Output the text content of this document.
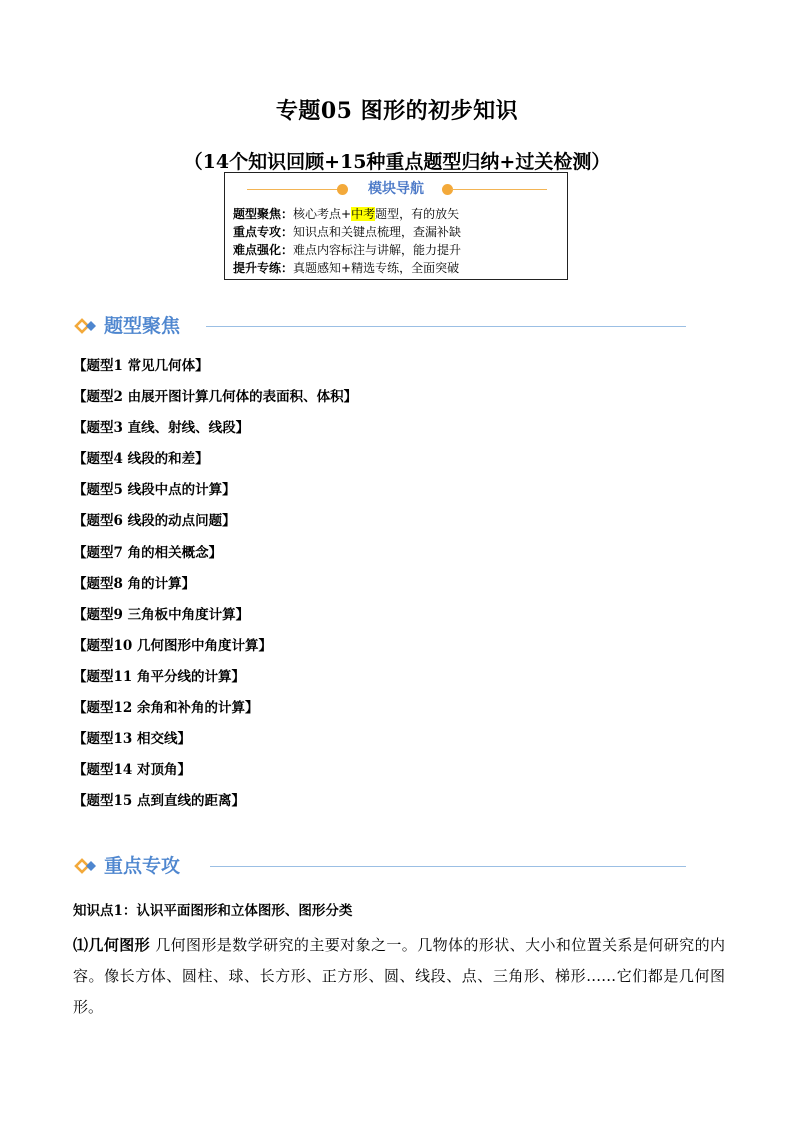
专题05 图形的初步知识
（14个知识回顾+15种重点题型归纳+过关检测）
模块导航
题型聚焦：核心考点+中考题型，有的放矢
重点专攻：知识点和关键点梳理，查漏补缺
难点强化：难点内容标注与讲解，能力提升
提升专练：真题感知+精选专练，全面突破
题型聚焦
【题型1 常见几何体】
【题型2 由展开图计算几何体的表面积、体积】
【题型3 直线、射线、线段】
【题型4 线段的和差】
【题型5 线段中点的计算】
【题型6 线段的动点问题】
【题型7 角的相关概念】
【题型8 角的计算】
【题型9 三角板中角度计算】
【题型10 几何图形中角度计算】
【题型11 角平分线的计算】
【题型12 余角和补角的计算】
【题型13 相交线】
【题型14 对顶角】
【题型15 点到直线的距离】
重点专攻
知识点1：认识平面图形和立体图形、图形分类
⑴几何图形 几何图形是数学研究的主要对象之一。几物体的形状、大小和位置关系是何研究的内容。像长方体、圆柱、球、长方形、正方形、圆、线段、点、三角形、梯形……它们都是几何图形。
